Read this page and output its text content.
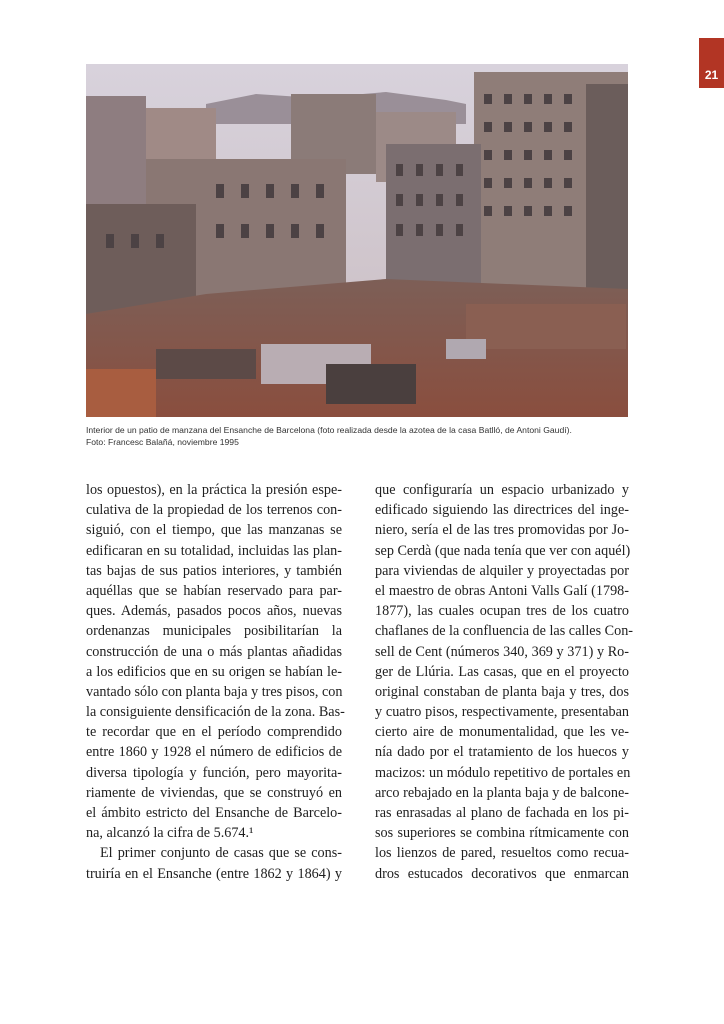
21
Interior de un patio de manzana del Ensanche de Barcelona (foto realizada desde la azotea de la casa Batlló, de Antoni Gaudí).
Foto: Francesc Balañá, noviembre 1995
los opuestos), en la práctica la presión espe-
culativa de la propiedad de los terrenos con-
siguió, con el tiempo, que las manzanas se
edificaran en su totalidad, incluidas las plan-
tas bajas de sus patios interiores, y también
aquéllas que se habían reservado para par-
ques. Además, pasados pocos años, nuevas
ordenanzas municipales posibilitarían la
construcción de una o más plantas añadidas
a los edificios que en su origen se habían le-
vantado sólo con planta baja y tres pisos, con
la consiguiente densificación de la zona. Bas-
te recordar que en el período comprendido
entre 1860 y 1928 el número de edificios de
diversa tipología y función, pero mayorita-
riamente de viviendas, que se construyó en
el ámbito estricto del Ensanche de Barcelo-
na, alcanzó la cifra de 5.674.¹
El primer conjunto de casas que se cons-
truiría en el Ensanche (entre 1862 y 1864) y
que configuraría un espacio urbanizado y
edificado siguiendo las directrices del inge-
niero, sería el de las tres promovidas por Jo-
sep Cerdà (que nada tenía que ver con aquél)
para viviendas de alquiler y proyectadas por
el maestro de obras Antoni Valls Galí (1798-
1877), las cuales ocupan tres de los cuatro
chaflanes de la confluencia de las calles Con-
sell de Cent (números 340, 369 y 371) y Ro-
ger de Llúria. Las casas, que en el proyecto
original constaban de planta baja y tres, dos
y cuatro pisos, respectivamente, presentaban
cierto aire de monumentalidad, que les ve-
nía dado por el tratamiento de los huecos y
macizos: un módulo repetitivo de portales en
arco rebajado en la planta baja y de balcone-
ras enrasadas al plano de fachada en los pi-
sos superiores se combina rítmicamente con
los lienzos de pared, resueltos como recua-
dros estucados decorativos que enmarcan
